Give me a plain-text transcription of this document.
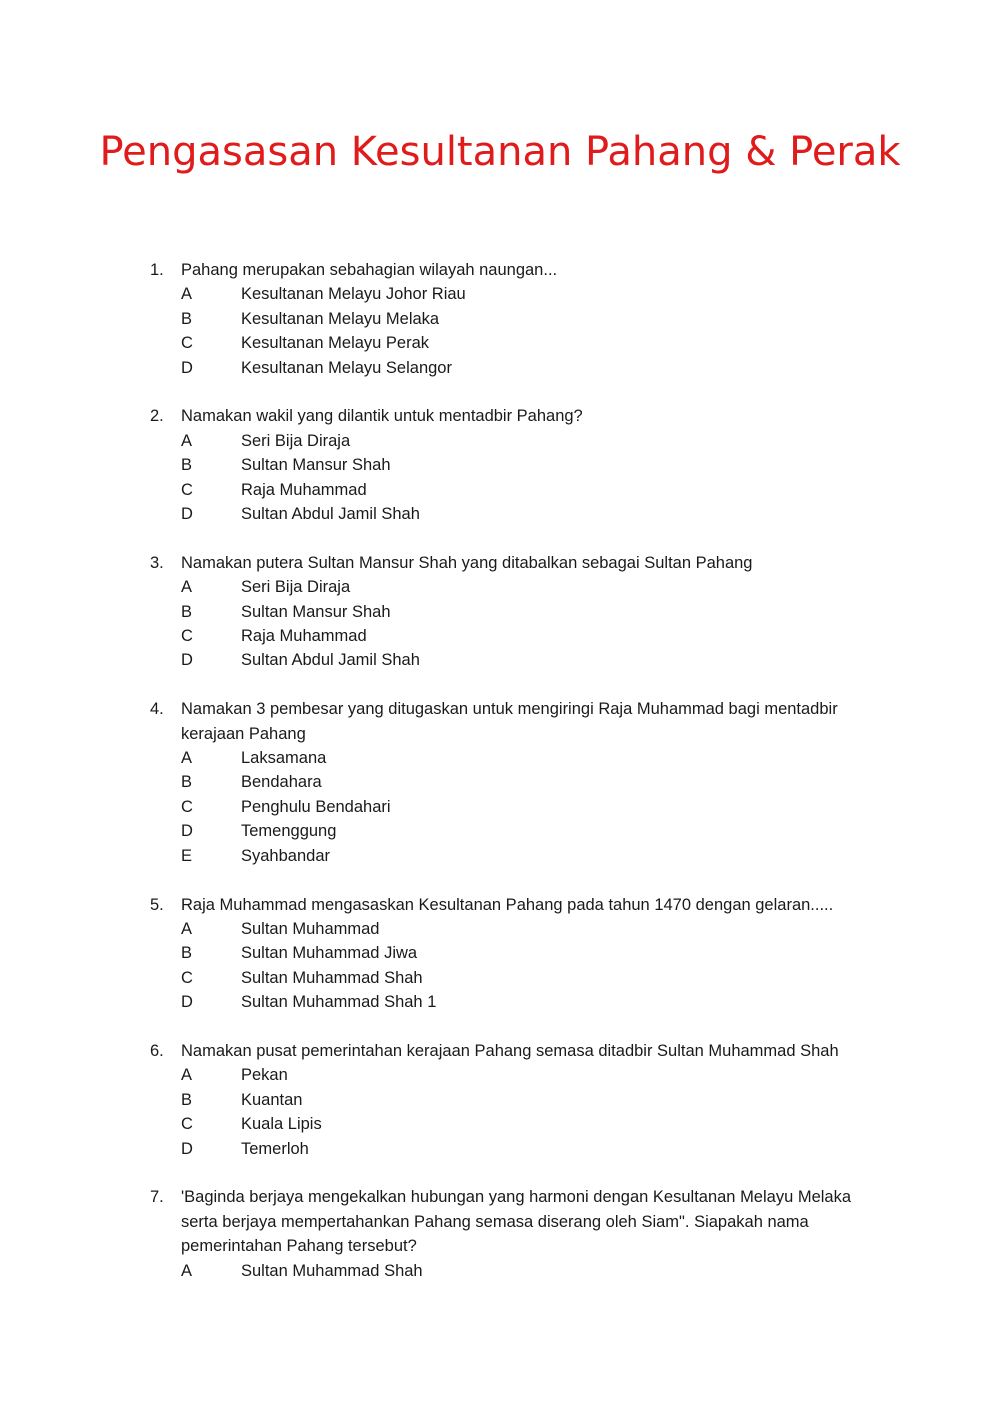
Pengasasan Kesultanan Pahang & Perak
1.	Pahang merupakan sebahagian wilayah naungan...
A	Kesultanan Melayu Johor Riau
B	Kesultanan Melayu Melaka
C	Kesultanan Melayu Perak
D	Kesultanan Melayu Selangor
2.	Namakan wakil yang dilantik untuk mentadbir Pahang?
A	Seri Bija Diraja
B	Sultan Mansur Shah
C	Raja Muhammad
D	Sultan Abdul Jamil Shah
3.	Namakan putera Sultan Mansur Shah yang ditabalkan sebagai Sultan Pahang
A	Seri Bija Diraja
B	Sultan Mansur Shah
C	Raja Muhammad
D	Sultan Abdul Jamil Shah
4.	Namakan 3 pembesar yang ditugaskan untuk mengiringi Raja Muhammad bagi mentadbir kerajaan Pahang
A	Laksamana
B	Bendahara
C	Penghulu Bendahari
D	Temenggung
E	Syahbandar
5.	Raja Muhammad mengasaskan Kesultanan Pahang pada tahun 1470 dengan gelaran.....
A	Sultan Muhammad
B	Sultan Muhammad Jiwa
C	Sultan Muhammad Shah
D	Sultan Muhammad Shah 1
6.	Namakan pusat pemerintahan kerajaan Pahang semasa ditadbir Sultan Muhammad Shah
A	Pekan
B	Kuantan
C	Kuala Lipis
D	Temerloh
7.	'Baginda berjaya mengekalkan hubungan yang harmoni dengan Kesultanan Melayu Melaka serta berjaya mempertahankan Pahang semasa diserang oleh Siam". Siapakah nama pemerintahan Pahang tersebut?
A	Sultan Muhammad Shah
